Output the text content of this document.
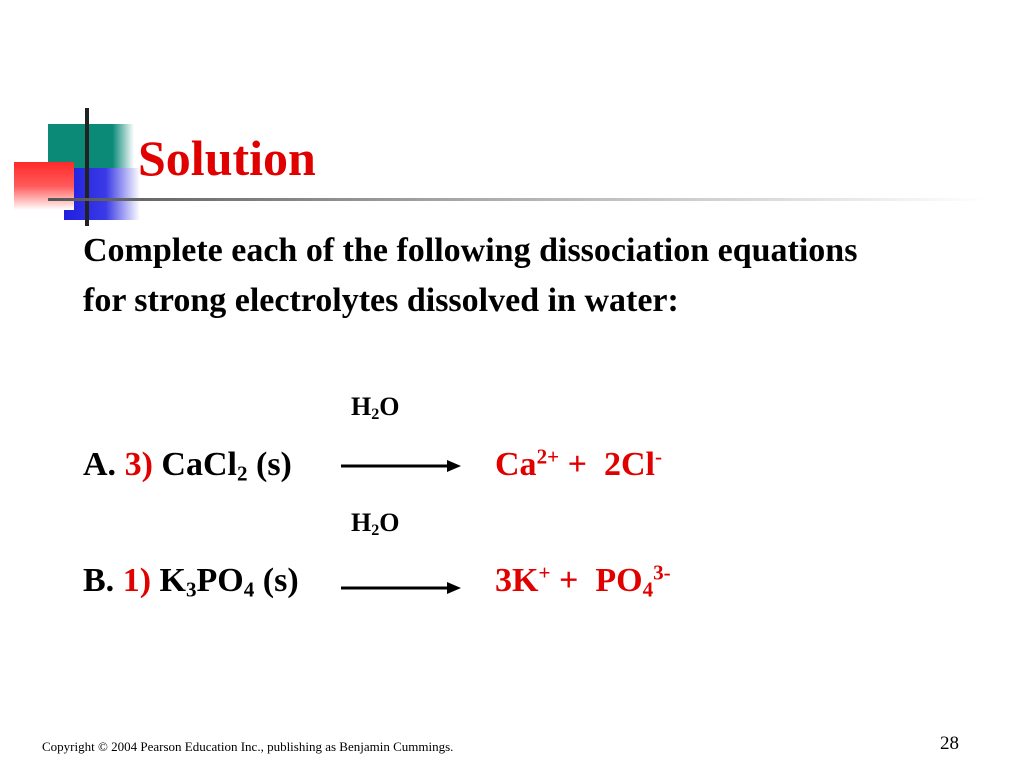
Solution
Complete each of the following dissociation equations for strong electrolytes dissolved in water:
$H_2O$
A. 3) CaCl$_2$ (s)	$Ca^{2+} + 2Cl^-$
$H_2O$
B. 1) $K_3PO_4$ (s)	$3K^+ + PO_4^{3-}$
Copyright © 2004 Pearson Education Inc., publishing as Benjamin Cummings.	28
